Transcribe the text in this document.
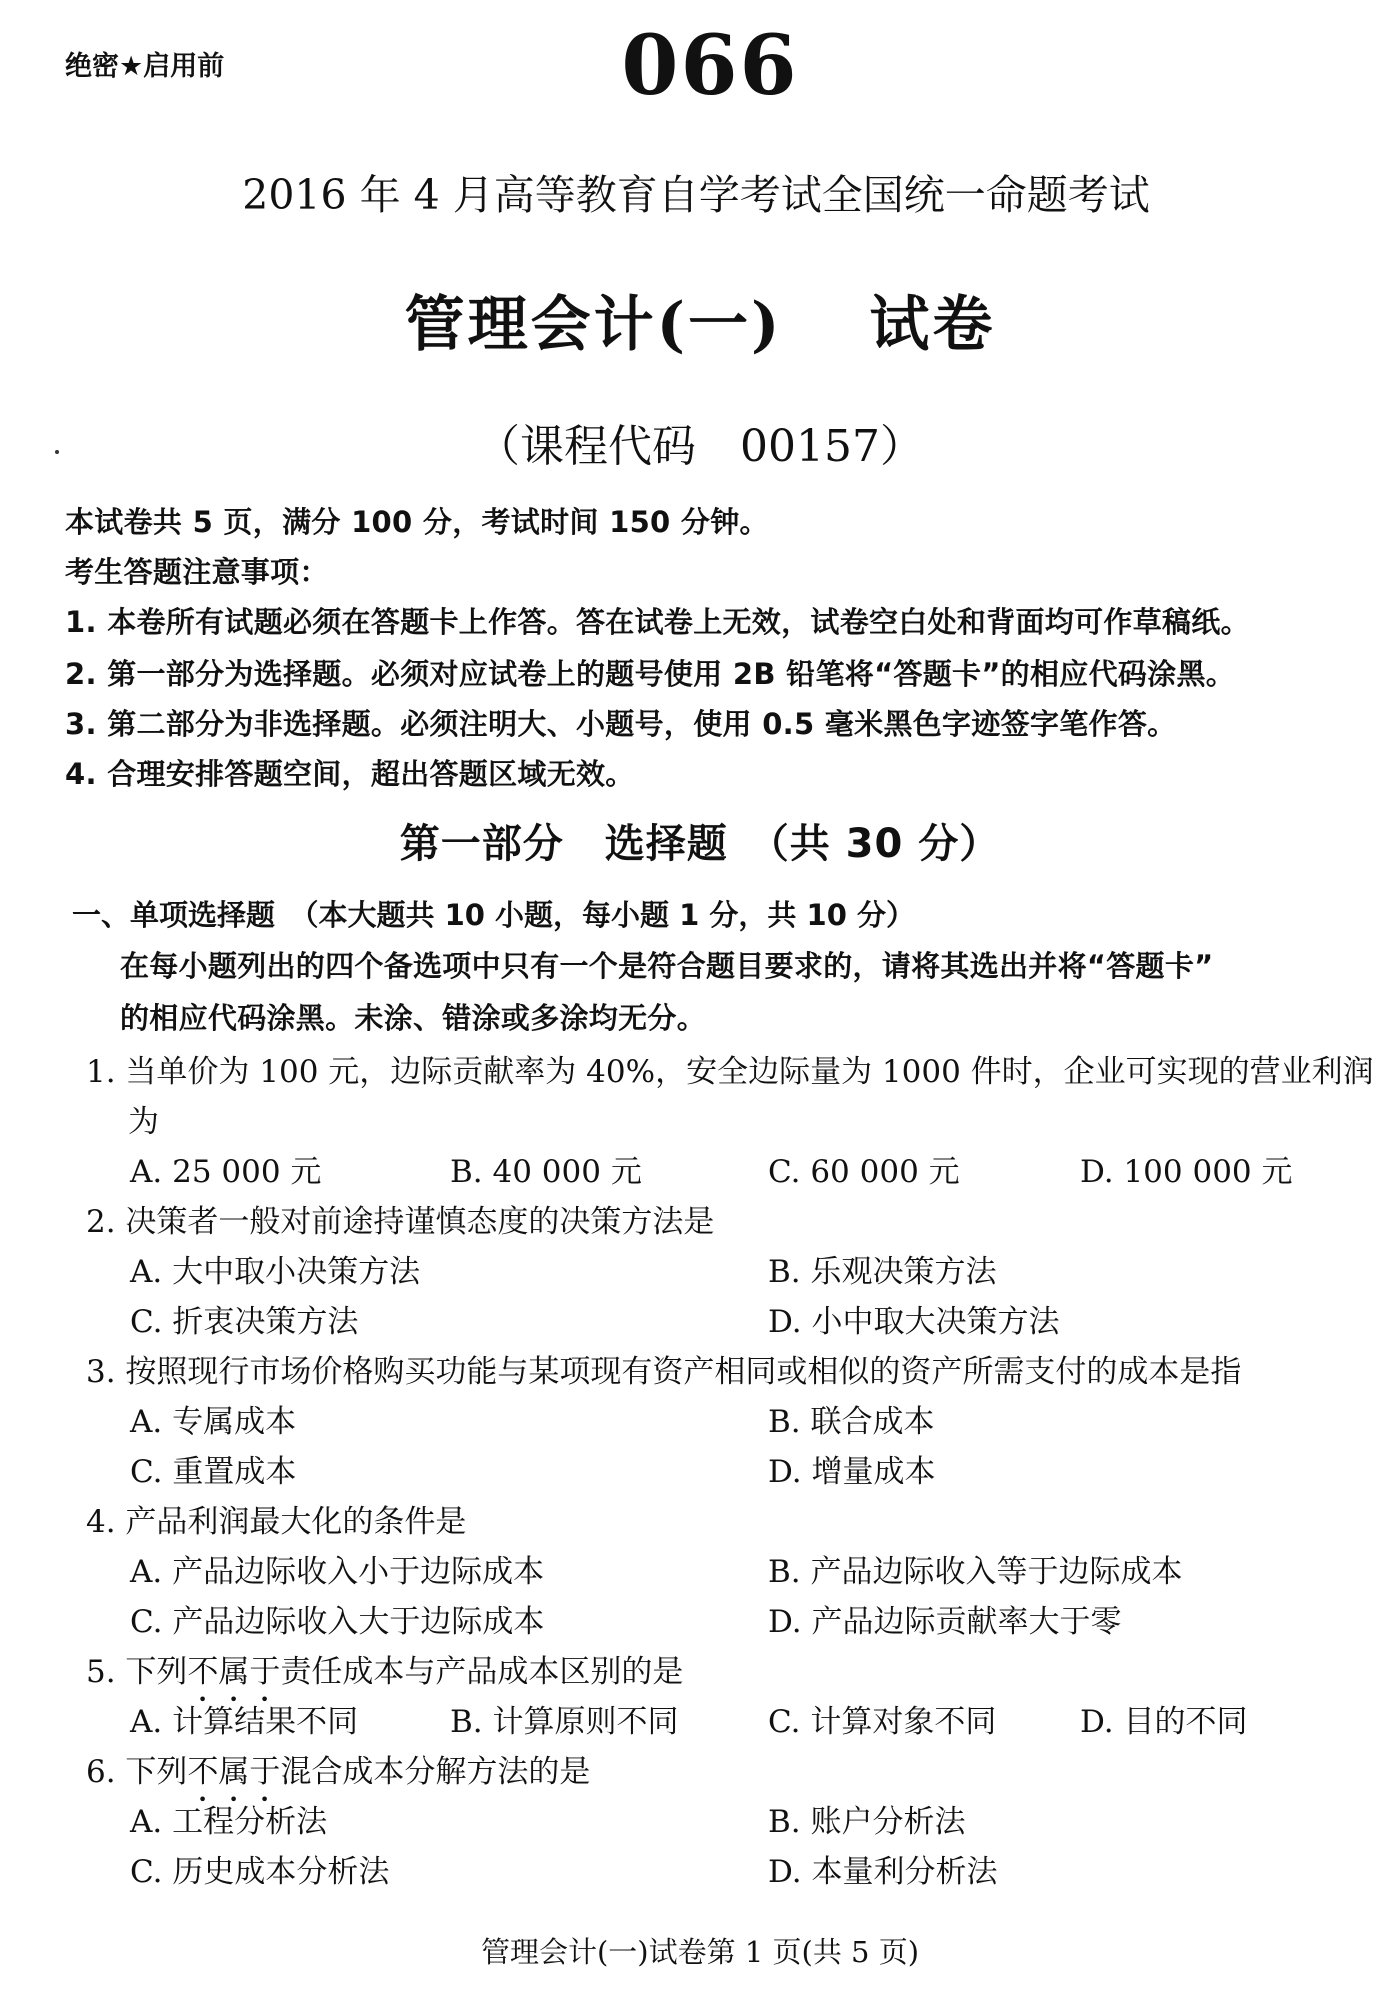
绝密★启用前	066
2016 年 4 月高等教育自学考试全国统一命题考试
管理会计(一)　 试卷
（课程代码　00157）
本试卷共 5 页，满分 100 分，考试时间 150 分钟。
考生答题注意事项：
1. 本卷所有试题必须在答题卡上作答。答在试卷上无效，试卷空白处和背面均可作草稿纸。
2. 第一部分为选择题。必须对应试卷上的题号使用 2B 铅笔将“答题卡”的相应代码涂黑。
3. 第二部分为非选择题。必须注明大、小题号，使用 0.5 毫米黑色字迹签字笔作答。
4. 合理安排答题空间，超出答题区域无效。
第一部分　选择题　（共 30 分）
一、单项选择题　（本大题共 10 小题，每小题 1 分，共 10 分）
在每小题列出的四个备选项中只有一个是符合题目要求的，请将其选出并将“答题卡”
的相应代码涂黑。未涂、错涂或多涂均无分。
1. 当单价为 100 元，边际贡献率为 40%，安全边际量为 1000 件时，企业可实现的营业利润
为
A. 25 000 元	B. 40 000 元	C. 60 000 元	D. 100 000 元
2. 决策者一般对前途持谨慎态度的决策方法是
A. 大中取小决策方法	B. 乐观决策方法
C. 折衷决策方法	D. 小中取大决策方法
3. 按照现行市场价格购买功能与某项现有资产相同或相似的资产所需支付的成本是指
A. 专属成本	B. 联合成本
C. 重置成本	D. 增量成本
4. 产品利润最大化的条件是
A. 产品边际收入小于边际成本	B. 产品边际收入等于边际成本
C. 产品边际收入大于边际成本	D. 产品边际贡献率大于零
5. 下列不属于责任成本与产品成本区别的是
A. 计算结果不同	B. 计算原则不同	C. 计算对象不同	D. 目的不同
6. 下列不属于混合成本分解方法的是
A. 工程分析法	B. 账户分析法
C. 历史成本分析法	D. 本量利分析法
管理会计(一)试卷第 1 页(共 5 页)
